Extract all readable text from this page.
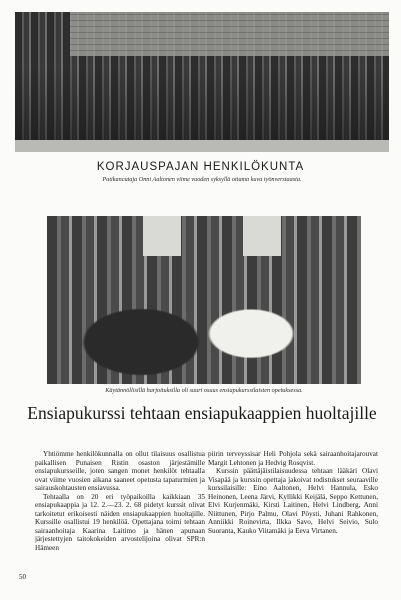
KORJAUSPAJAN HENKILÖKUNTA
Patikancutaja Onni Aaltonen viime vuoden syksyllä ottama kuva työnverstaasta.
Käytännöllisillä harjoituksilla oli suuri osuus ensiapukurssilaisten opetuksessa.
Ensiapukurssi tehtaan ensiapukaappien huoltajille

Yhtiömme henkilökunnalla on ollut tilaisuus osallistua paikallisen Punaisen Ristin osaston järjestämille ensiapukursseille, joten sangen monet henkilöt tehtaalla ovat viime vuosien aikana saaneet opetusta tapaturmien ja sairauskohtausten ensiavussa.

Tehtaalla on 20 eri työpaikoilla kaikkiaan 35 ensiapukaappia ja 12. 2.—23. 2. 68 pidetyt kurssit olivat tarkoitetut erikoisesti näiden ensiapukaappien huoltajille. Kurssille osallistui 19 henkilöä. Opettajana toimi tehtaan sairaanhoitaja Kaarina Laitimo ja hänen apunaan järjestettyjen taitokokeiden arvostelijoina olivat SPR:n Hämeen

piirin terveyssisar Heli Pohjola sekä sairaanhoitajarouvat Margit Lehtonen ja Hedvig Rosqvist.

Kurssin päättäjäistilaisuudessa tehtaan lääkäri Olavi Visapää ja kurssin opettaja jakoivat todistukset seuraaville kurssilaisille: Eino Aaltonen, Helvi Hannula, Esko Heinonen, Leena Järvi, Kyllikki Keijälä, Seppo Kettunen, Elvi Kurjenmäki, Kirsti Laitinen, Helvi Lindberg, Anni Niittunen, Pirjo Palmu, Olavi Pöysti, Juhani Rahkonen, Anniikki Roinevirta, Ilkka Savo, Helvi Seivio, Sulo Suoranta, Kauko Viitamäki ja Eeva Virtanen.

50
